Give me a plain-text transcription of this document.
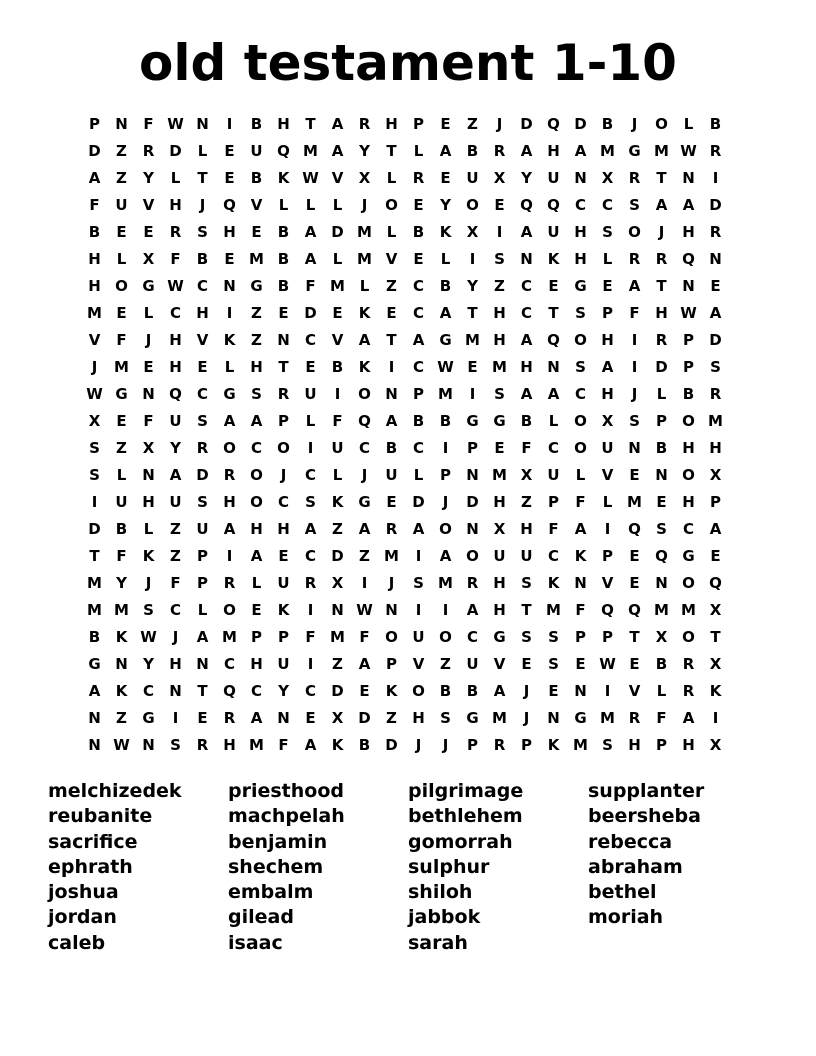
old testament 1-10
P	N	F W N	I	B	H	T	A	R H	P	E	Z	J	D Q D	B	J	O	L	B
D	Z	R D	L	E	U Q M A	Y	T	L	A	B	R	A H A M G M W R
A	Z	Y	L	T	E	B	K W V	X	L	R	E	U	X	Y	U N X	R	T	N	I
F	U	V H	J	Q V	L	L	L	J	O	E	Y	O	E	Q Q	C	C	S	A	A D
B	E	E	R	S	H	E	B	A D M L	B	K	X	I	A	U H	S	O	J	H R
H	L	X	F	B	E M B	A	L M V	E	L	I	S	N K H	L	R	R Q N
H O G W C	N G	B	F M L	Z	C	B	Y	Z	C	E	G	E	A	T	N	E
M E	L	C	H	I	Z	E	D	E	K	E	C	A	T	H	C	T	S	P	F	H W A
V	F	J	H V	K	Z	N	C	V	A	T	A	G M H A Q O H	I	R	P	D
J	M E	H	E	L	H	T	E	B	K	I	C W E M H N	S	A	I	D	P	S
W G N Q	C	G	S	R	U	I	O N	P M	I	S	A	A	C	H	J	L	B	R
X	E	F	U	S	A	A	P	L	F	Q A	B	B	G G	B	L	O X	S	P	O M
S	Z	X	Y	R O	C	O	I	U	C	B	C	I	P	E	F	C	O U N	B	H H
S	L	N A D	R O	J	C	L	J	U	L	P	N M X	U	L	V	E	N O X
I	U H U	S	H O	C	S	K	G	E	D	J	D H	Z	P	F	L M E	H	P
D	B	L	Z	U	A H H A	Z	A	R	A O N X H	F	A	I	Q	S	C	A
T	F	K	Z	P	I	A	E	C	D	Z M	I	A O U U	C	K	P	E	Q G	E
M Y	J	F	P	R	L	U	R	X	I	J	S M R H	S	K N V	E	N O Q
M M S	C	L	O	E	K	I	N W N	I	I	A H	T M F	Q Q M M X
B	K W	J	A M P	P	F M F	O U O	C	G	S	S	P	P	T	X O	T
G N	Y	H N	C	H U	I	Z	A	P	V	Z	U	V	E	S	E W E	B	R	X
A	K	C	N	T	Q	C	Y	C	D	E	K O B	B	A	J	E	N	I	V	L	R	K
N	Z	G	I	E	R	A N	E	X D	Z	H	S	G M	J	N G M R	F	A	I
N W N	S	R H M F	A	K	B	D	J	J	P	R	P	K M S	H	P	H X
melchizedek
reubanite
sacrifice
ephrath
joshua
jordan
caleb
priesthood
machpelah
benjamin
shechem
embalm
gilead
isaac
pilgrimage
bethlehem
gomorrah
sulphur
shiloh
jabbok
sarah
supplanter
beersheba
rebecca
abraham
bethel
moriah
